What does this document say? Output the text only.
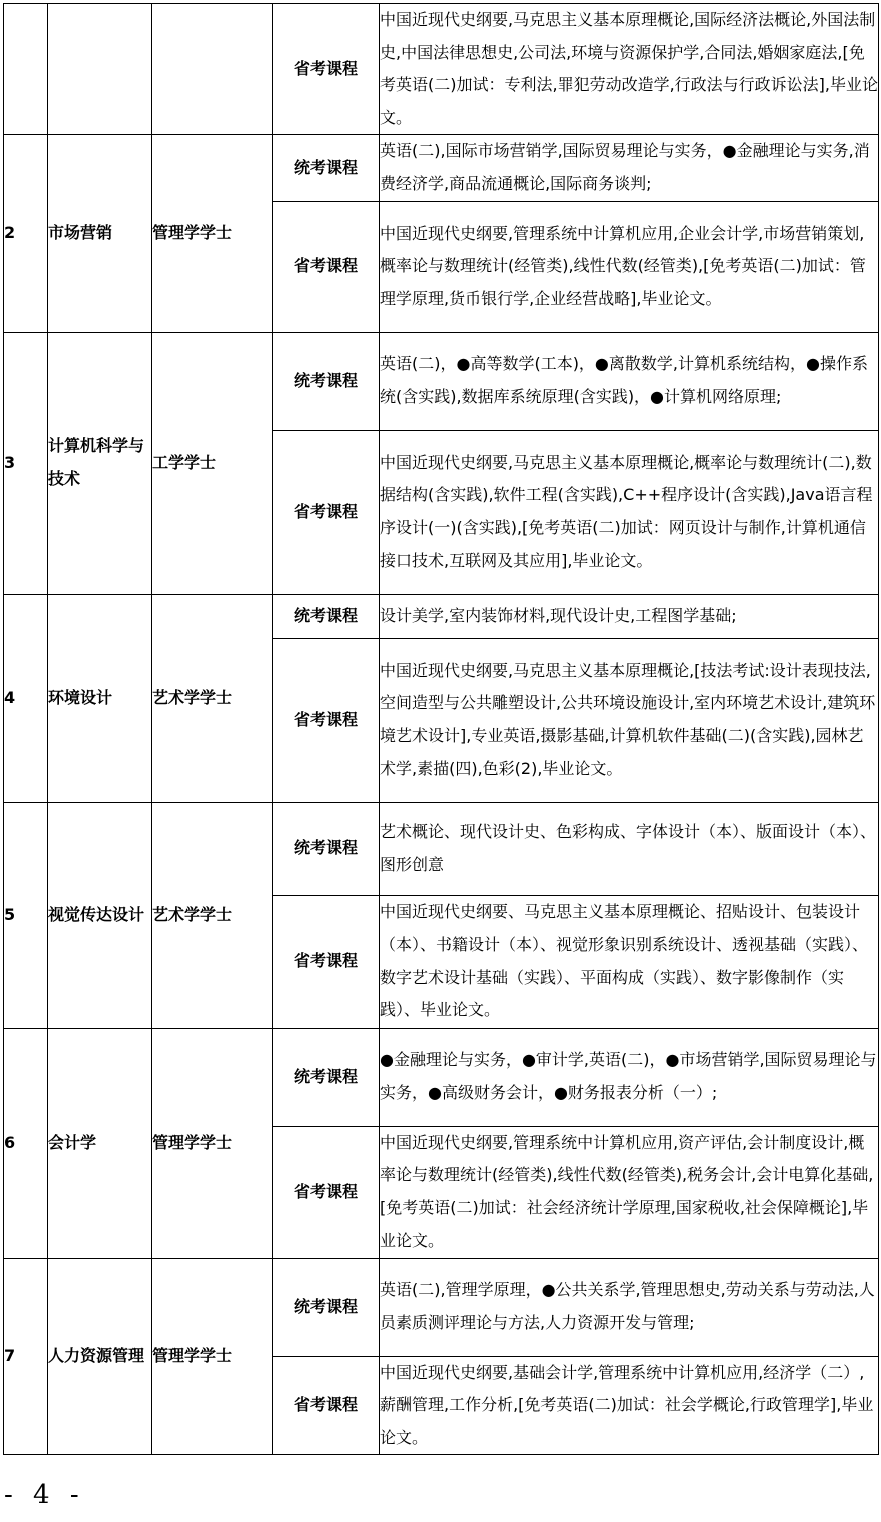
			省考课程	中国近现代史纲要,马克思主义基本原理概论,国际经济法概论,外国法制史,中国法律思想史,公司法,环境与资源保护学,合同法,婚姻家庭法,[免考英语(二)加试：专利法,罪犯劳动改造学,行政法与行政诉讼法],毕业论文。
2	市场营销	管理学学士	统考课程	英语(二),国际市场营销学,国际贸易理论与实务，●金融理论与实务,消费经济学,商品流通概论,国际商务谈判;
			省考课程	中国近现代史纲要,管理系统中计算机应用,企业会计学,市场营销策划,概率论与数理统计(经管类),线性代数(经管类),[免考英语(二)加试：管理学原理,货币银行学,企业经营战略],毕业论文。
3	计算机科学与技术	工学学士	统考课程	英语(二)，●高等数学(工本)，●离散数学,计算机系统结构，●操作系统(含实践),数据库系统原理(含实践)，●计算机网络原理;
			省考课程	中国近现代史纲要,马克思主义基本原理概论,概率论与数理统计(二),数据结构(含实践),软件工程(含实践),C++程序设计(含实践),Java语言程序设计(一)(含实践),[免考英语(二)加试：网页设计与制作,计算机通信接口技术,互联网及其应用],毕业论文。
4	环境设计	艺术学学士	统考课程	设计美学,室内装饰材料,现代设计史,工程图学基础;
			省考课程	中国近现代史纲要,马克思主义基本原理概论,[技法考试:设计表现技法,空间造型与公共雕塑设计,公共环境设施设计,室内环境艺术设计,建筑环境艺术设计],专业英语,摄影基础,计算机软件基础(二)(含实践),园林艺术学,素描(四),色彩(2),毕业论文。
5	视觉传达设计	艺术学学士	统考课程	艺术概论、现代设计史、色彩构成、字体设计（本）、版面设计（本）、图形创意
			省考课程	中国近现代史纲要、马克思主义基本原理概论、招贴设计、包装设计（本）、书籍设计（本）、视觉形象识别系统设计、透视基础（实践）、数字艺术设计基础（实践）、平面构成（实践）、数字影像制作（实践）、毕业论文。
6	会计学	管理学学士	统考课程	●金融理论与实务，●审计学,英语(二)，●市场营销学,国际贸易理论与实务，●高级财务会计，●财务报表分析（一）;
			省考课程	中国近现代史纲要,管理系统中计算机应用,资产评估,会计制度设计,概率论与数理统计(经管类),线性代数(经管类),税务会计,会计电算化基础,[免考英语(二)加试：社会经济统计学原理,国家税收,社会保障概论],毕业论文。
7	人力资源管理	管理学学士	统考课程	英语(二),管理学原理，●公共关系学,管理思想史,劳动关系与劳动法,人员素质测评理论与方法,人力资源开发与管理;
			省考课程	中国近现代史纲要,基础会计学,管理系统中计算机应用,经济学（二）,薪酬管理,工作分析,[免考英语(二)加试：社会学概论,行政管理学],毕业论文。
- 4 -
